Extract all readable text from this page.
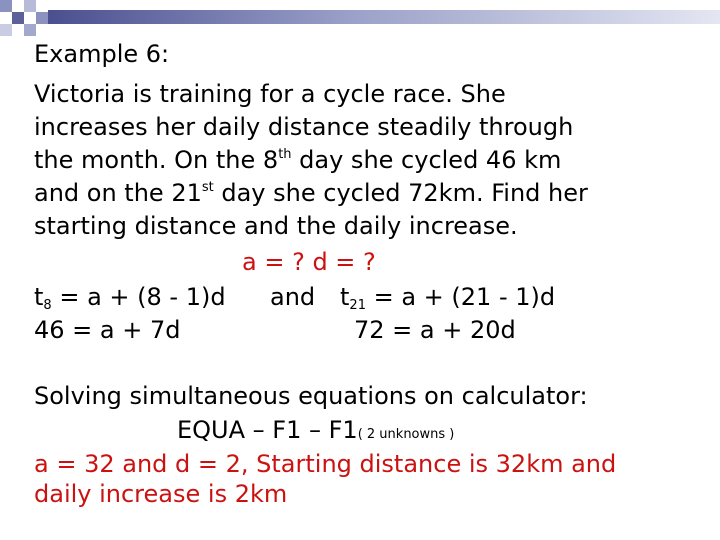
Example 6:
Victoria is training for a cycle race. She
increases her daily distance steadily through
the month. On the 8th day she cycled 46 km
and on the 21st day she cycled 72km. Find her
starting distance and the daily increase.
a = ? d = ?
$t_8 = a + (8 - 1)d$ and $t_{21} = a + (21 - 1)d$
46 = a + 7d	72 = a + 20d
Solving simultaneous equations on calculator:
EQUA – F1 – F1( 2 unknowns )
a = 32 and d = 2, Starting distance is 32km and
daily increase is 2km
